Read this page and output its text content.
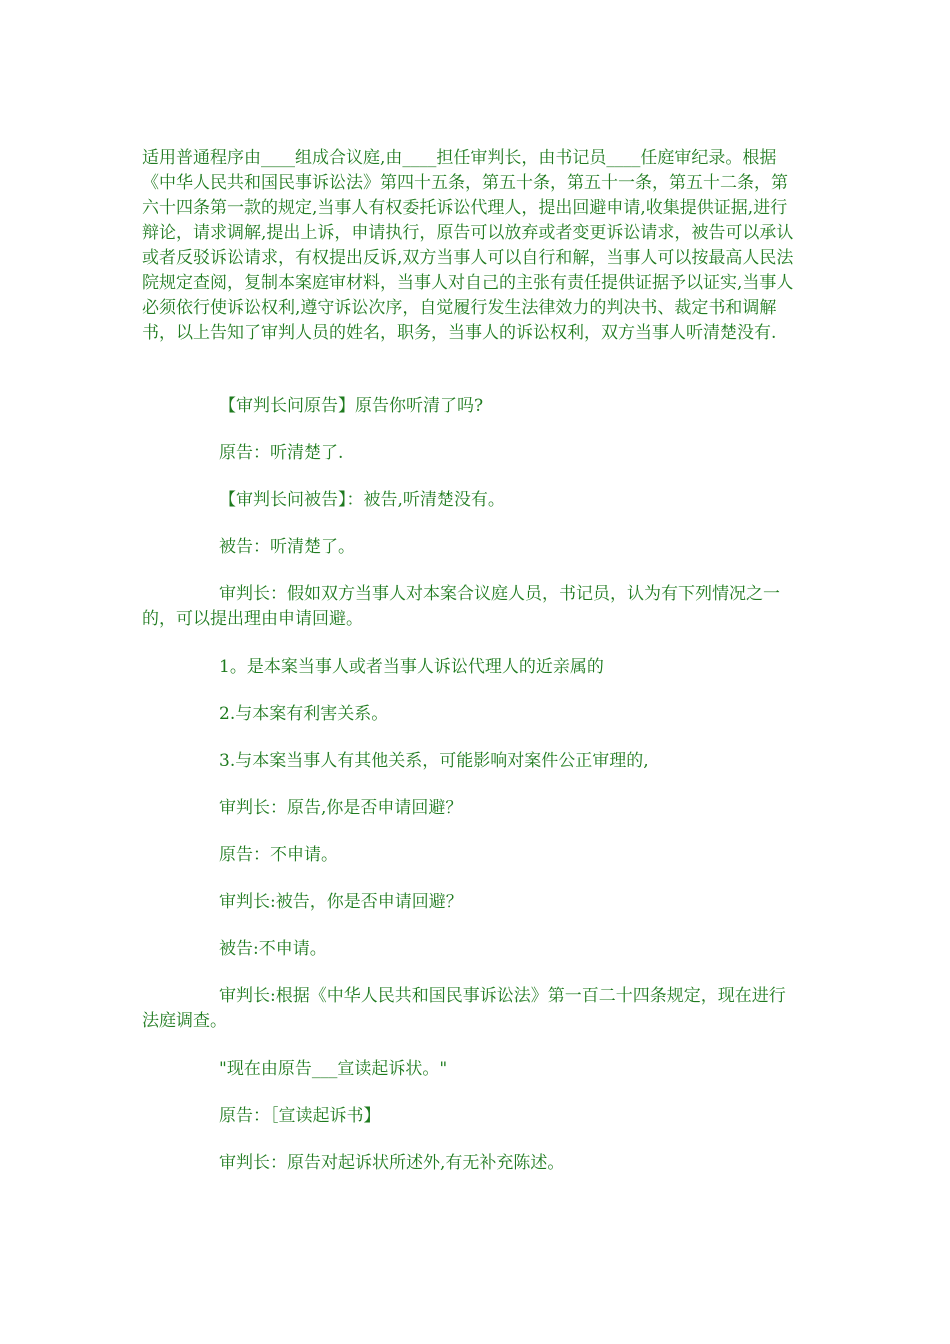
适用普通程序由____组成合议庭,由____担任审判长，由书记员____任庭审纪录。根据《中华人民共和国民事诉讼法》第四十五条，第五十条，第五十一条，第五十二条，第六十四条第一款的规定,当事人有权委托诉讼代理人，提出回避申请,收集提供证据,进行辩论，请求调解,提出上诉，申请执行，原告可以放弃或者变更诉讼请求，被告可以承认或者反驳诉讼请求，有权提出反诉,双方当事人可以自行和解，当事人可以按最高人民法院规定查阅，复制本案庭审材料，当事人对自己的主张有责任提供证据予以证实,当事人必须依行使诉讼权利,遵守诉讼次序，自觉履行发生法律效力的判决书、裁定书和调解书，以上告知了审判人员的姓名，职务，当事人的诉讼权利，双方当事人听清楚没有.

【审判长问原告】原告你听清了吗?

原告：听清楚了.

【审判长问被告】：被告,听清楚没有。

被告：听清楚了。

审判长：假如双方当事人对本案合议庭人员，书记员，认为有下列情况之一的，可以提出理由申请回避。

1。是本案当事人或者当事人诉讼代理人的近亲属的

2.与本案有利害关系。

3.与本案当事人有其他关系，可能影响对案件公正审理的,

审判长：原告,你是否申请回避？

原告：不申请。

审判长:被告，你是否申请回避？

被告:不申请。

审判长:根据《中华人民共和国民事诉讼法》第一百二十四条规定，现在进行法庭调查。

"现在由原告___宣读起诉状。"

原告：［宣读起诉书】

审判长：原告对起诉状所述外,有无补充陈述。
